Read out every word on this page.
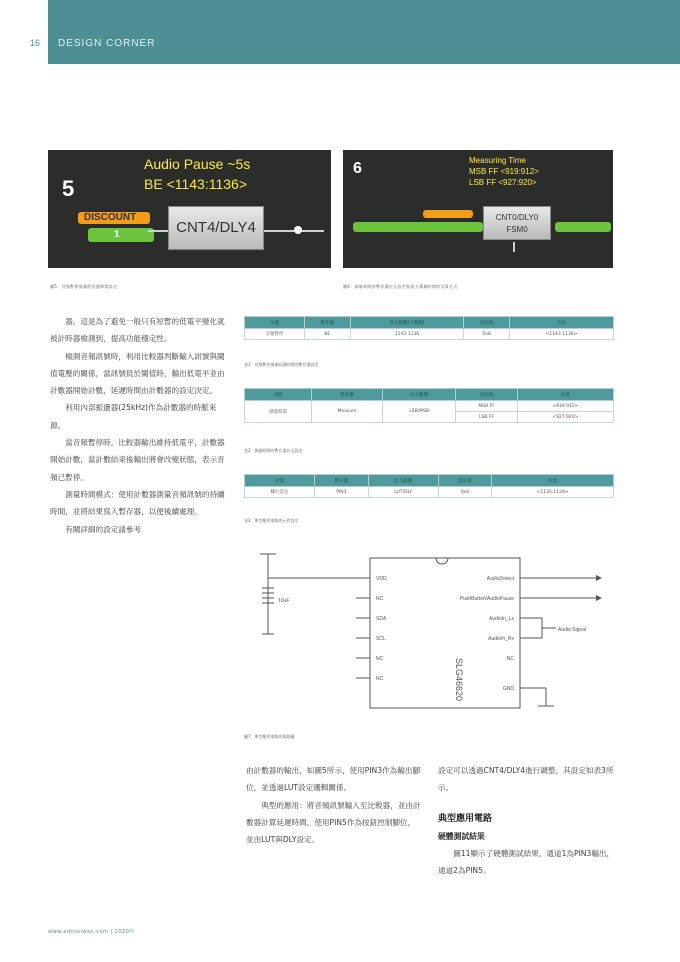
DESIGN CORNER
16
5
Audio Pause ~5s
BE <1143:1136>
DISCOUNT
1	CNT4/DLY4
圖5：音頻暫停偵測的延遲時間設定
6	Measuring Time
MSB FF <919:912>
LSB FF <927:920>
CNT0/DLY0
FSM0
圖6：測量時間的暫存器位元設定與最大測量時間的計算方式

器，這是為了避免一般只有短暫的低電平變化就被計時器檢測到，提高功能穩定性。

檢測音頻訊號時，利用比較器判斷輸入訊號與閾值電壓的關係，當訊號低於閾值時，輸出低電平並由計數器開始計數，延遲時間由計數器的設定決定。

利用內部振盪器(25kHz)作為計數器的時脈來源。

當音頻暫停時，比較器輸出維持低電平，計數器開始計數，當計數結束後輸出將會改變狀態，表示音頻已暫停。

測量時間模式：使用計數器測量音頻訊號的持續時間，並將結果寫入暫存器，以便後續處理。

有關詳細的設定請參考

功能	暫存器	位元範圍(十進制)	設定值	位址
音頻暫停	BE	1143:1136	0x8	<1143:1136>
表1：音頻暫停偵測延遲時間的暫存器設定
功能	暫存器	位元範圍	設定值	位址
測量時間	Measure	LSB/MSB	MSB FF	<919:912>
			LSB FF	<927:920>
表2：測量時間的暫存器位元設定
功能	暫存器	位元範圍	設定值	位址
腳位設定	PIN3	LUT/DLY	0x0	<1135:1128>
表3：典型應用電路的元件設定
VDD
NC
SDA
SCL
NC
NC
AudioDetect
PushButton/AudioPause
AudioIn_Lx
AudioIn_Rx
NC
GND
Audio Signal
10uF
SLG46620
圖7：典型應用電路的電路圖

由計數器的輸出，如圖5所示，使用PIN3作為輸出腳位，並透過LUT設定邏輯關係。

典型的應用：將音頻訊號輸入至比較器，並由計數器計算延遲時間，使用PIN5作為按鈕控制腳位，並由LUT與DLY設定。

設定可以透過CNT4/DLY4進行調整，其設定如表3所示。

典型應用電路

硬體測試結果

圖11顯示了硬體測試結果，通道1為PIN3輸出，通道2為PIN5。

www.edntaiwan.com | 2020年
